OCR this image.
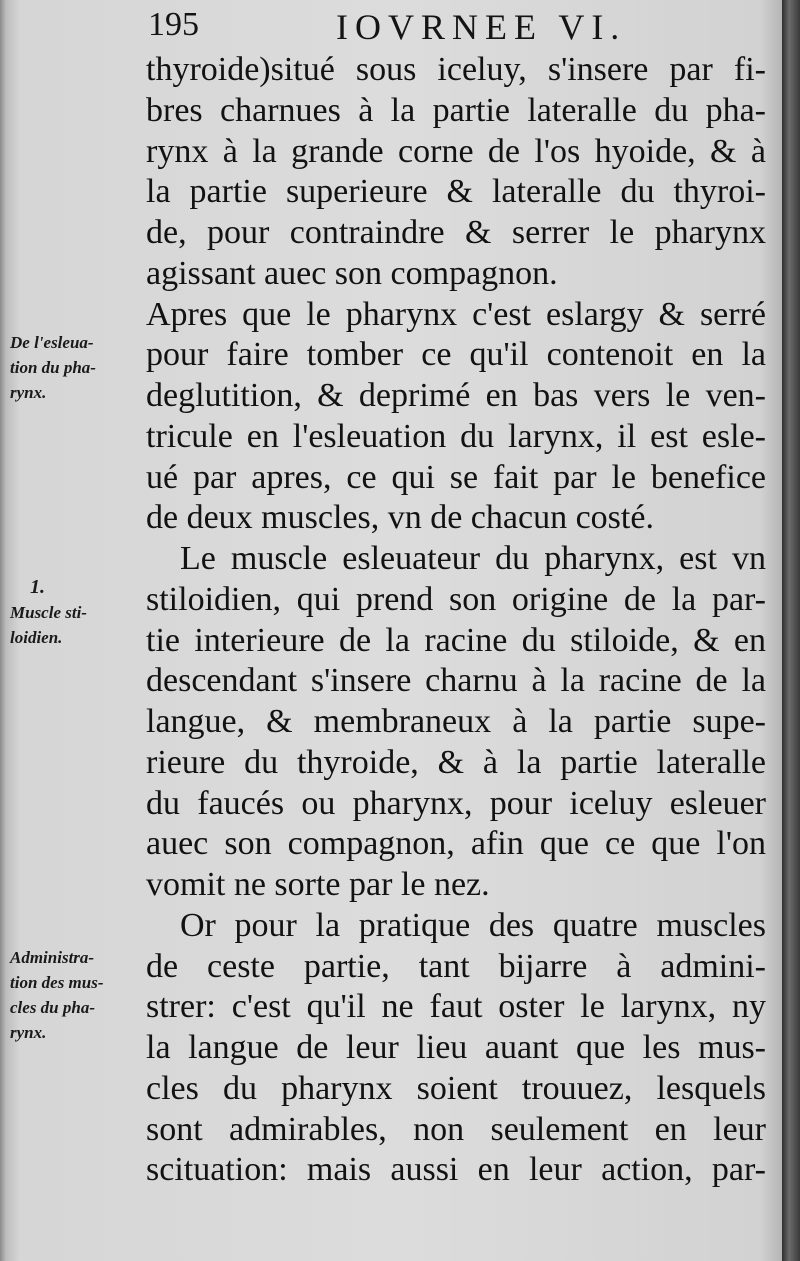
195	IOVRNEE VI.
De l'esleua-
tion du pha-
rynx.
1.
Muscle sti-
loidien.
Administra-
tion des mus-
cles du pha-
rynx.
thyroide)situé sous iceluy, s'insere par fi-
bres charnues à la partie lateralle du pha-
rynx à la grande corne de l'os hyoide, & à
la partie superieure & lateralle du thyroi-
de, pour contraindre & serrer le pharynx
agissant auec son compagnon.
Apres que le pharynx c'est eslargy & serré
pour faire tomber ce qu'il contenoit en la
deglutition, & deprimé en bas vers le ven-
tricule en l'esleuation du larynx, il est esle-
ué par apres, ce qui se fait par le benefice
de deux muscles, vn de chacun costé.
Le muscle esleuateur du pharynx, est vn
stiloidien, qui prend son origine de la par-
tie interieure de la racine du stiloide, & en
descendant s'insere charnu à la racine de la
langue, & membraneux à la partie supe-
rieure du thyroide, & à la partie lateralle
du faucés ou pharynx, pour iceluy esleuer
auec son compagnon, afin que ce que l'on
vomit ne sorte par le nez.
Or pour la pratique des quatre muscles
de ceste partie, tant bijarre à admini-
strer: c'est qu'il ne faut oster le larynx, ny
la langue de leur lieu auant que les mus-
cles du pharynx soient trouuez, lesquels
sont admirables, non seulement en leur
scituation: mais aussi en leur action, par-
